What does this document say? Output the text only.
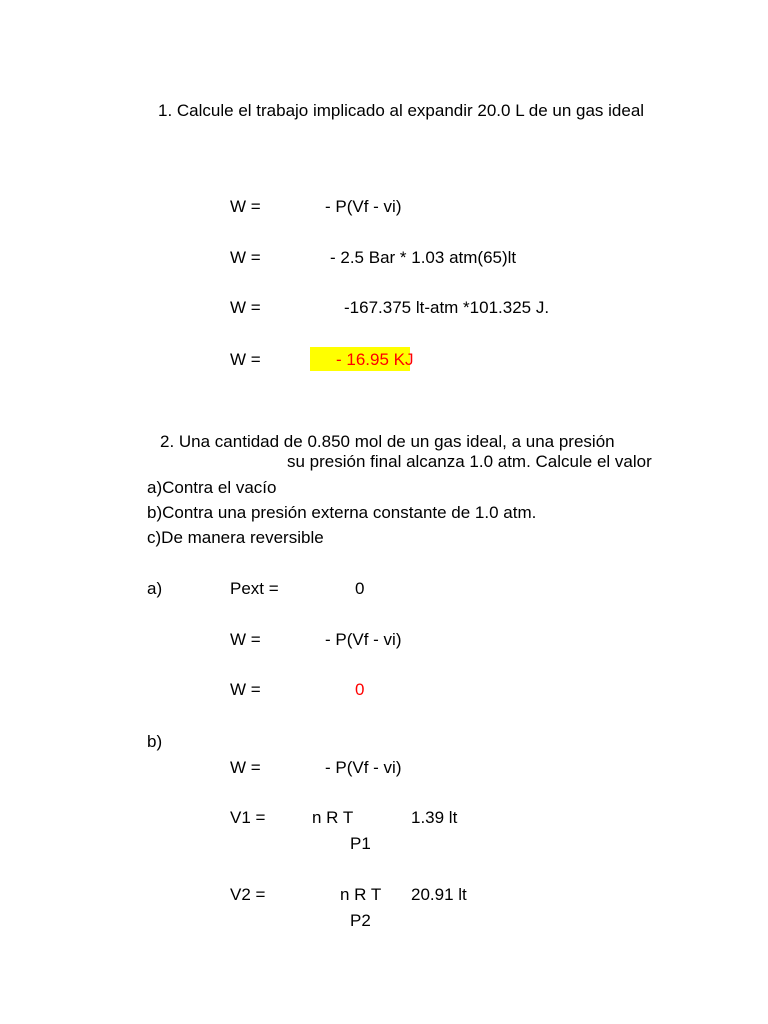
1. Calcule el trabajo implicado al expandir 20.0 L de un gas ideal
W =	- P(Vf - vi)
W =	- 2.5 Bar * 1.03 atm(65)lt
W =	-167.375 lt-atm *101.325 J.
W =	- 16.95 KJ
2. Una cantidad de 0.850 mol de un gas ideal, a una presión
su presión final alcanza 1.0 atm. Calcule el valor
a)Contra el vacío
b)Contra una presión externa constante de 1.0 atm.
c)De manera reversible
a)	Pext =	0
W =	- P(Vf - vi)
W =	0
b)
W =	- P(Vf - vi)
V1 =	n R T	1.39 lt
P1
V2 =	n R T 20.91 lt
P2
